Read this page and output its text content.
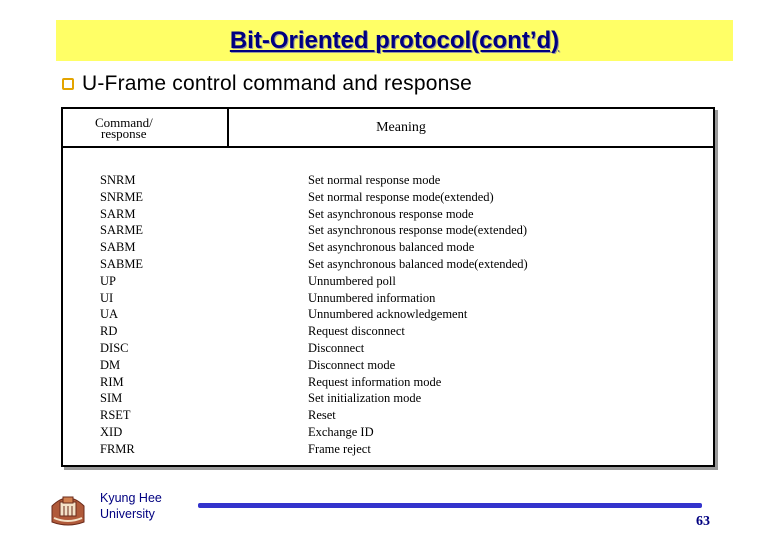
Bit-Oriented protocol(cont’d)
U-Frame control command and response
Command/
response	Meaning
SNRM
SNRME
SARM
SARME
SABM
SABME
UP
UI
UA
RD
DISC
DM
RIM
SIM
RSET
XID
FRMR
Set normal response mode
Set normal response mode(extended)
Set asynchronous response mode
Set asynchronous response mode(extended)
Set asynchronous balanced mode
Set asynchronous balanced mode(extended)
Unnumbered poll
Unnumbered information
Unnumbered acknowledgement
Request disconnect
Disconnect
Disconnect mode
Request information mode
Set initialization mode
Reset
Exchange ID
Frame reject
Kyung Hee
University	63
